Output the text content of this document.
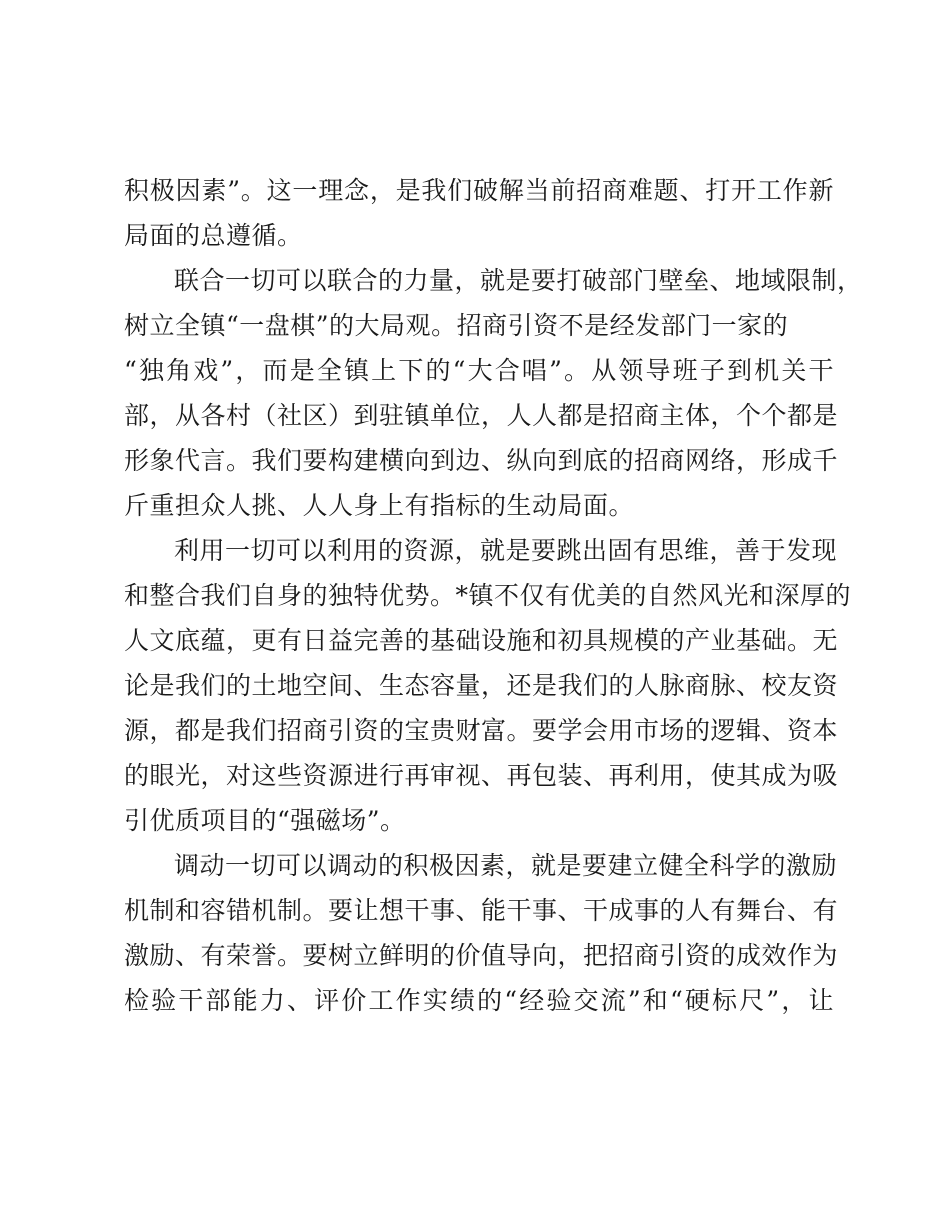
积极因素”。这一理念，是我们破解当前招商难题、打开工作新
局面的总遵循。
联合一切可以联合的力量，就是要打破部门壁垒、地域限制，
树立全镇“一盘棋”的大局观。招商引资不是经发部门一家的
“独角戏”，而是全镇上下的“大合唱”。从领导班子到机关干
部，从各村（社区）到驻镇单位，人人都是招商主体，个个都是
形象代言。我们要构建横向到边、纵向到底的招商网络，形成千
斤重担众人挑、人人身上有指标的生动局面。
利用一切可以利用的资源，就是要跳出固有思维，善于发现
和整合我们自身的独特优势。*镇不仅有优美的自然风光和深厚的
人文底蕴，更有日益完善的基础设施和初具规模的产业基础。无
论是我们的土地空间、生态容量，还是我们的人脉商脉、校友资
源，都是我们招商引资的宝贵财富。要学会用市场的逻辑、资本
的眼光，对这些资源进行再审视、再包装、再利用，使其成为吸
引优质项目的“强磁场”。
调动一切可以调动的积极因素，就是要建立健全科学的激励
机制和容错机制。要让想干事、能干事、干成事的人有舞台、有
激励、有荣誉。要树立鲜明的价值导向，把招商引资的成效作为
检验干部能力、评价工作实绩的“经验交流”和“硬标尺”，让
